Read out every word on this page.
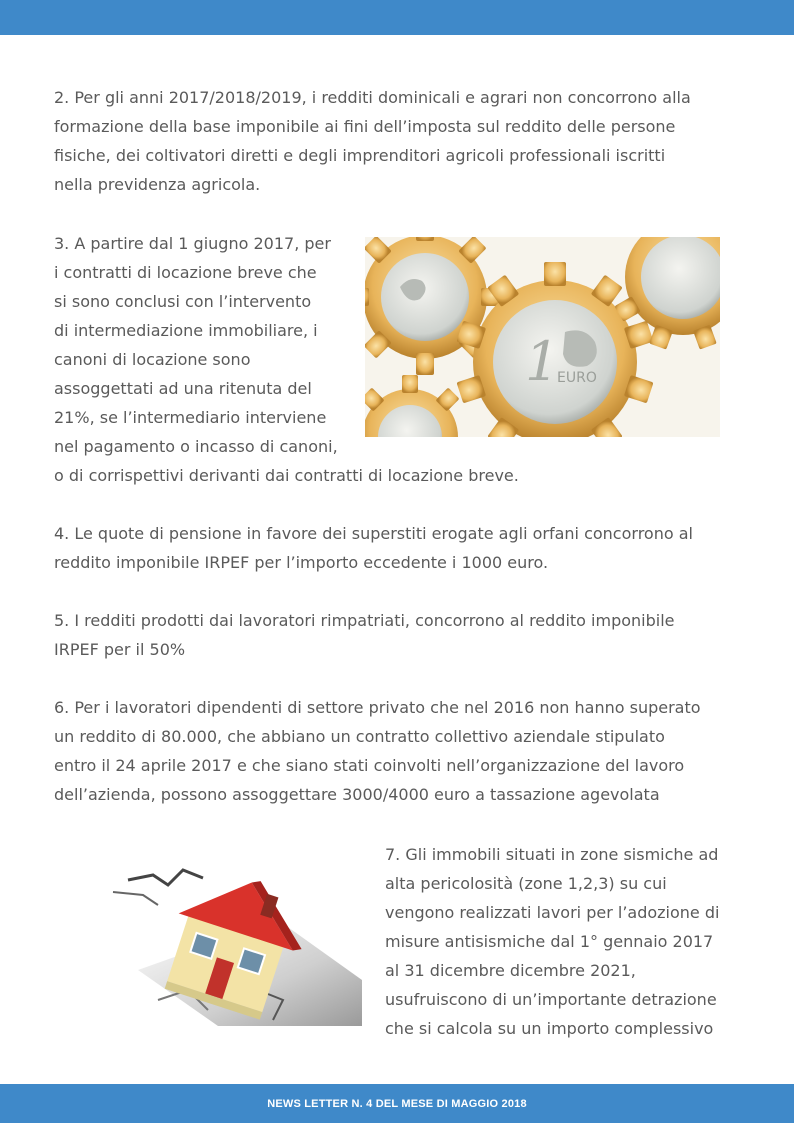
2. Per gli anni 2017/2018/2019, i redditi dominicali e agrari non concorrono alla
formazione della base imponibile ai fini dell’imposta sul reddito delle persone
fisiche, dei coltivatori diretti e degli imprenditori agricoli professionali iscritti
nella previdenza agricola.

3. A partire dal 1 giugno 2017, per
i contratti di locazione breve che
si sono conclusi con l’intervento
di intermediazione immobiliare, i
canoni di locazione sono
assoggettati ad una ritenuta del
21%, se l’intermediario interviene
nel pagamento o incasso di canoni,

1
EURO

o di corrispettivi derivanti dai contratti di locazione breve.

4. Le quote di pensione in favore dei superstiti erogate agli orfani concorrono al
reddito imponibile IRPEF per l’importo eccedente i 1000 euro.

5. I redditi prodotti dai lavoratori rimpatriati, concorrono al reddito imponibile
IRPEF per il 50%

6. Per i lavoratori dipendenti di settore privato che nel 2016 non hanno superato
un reddito di 80.000, che abbiano un contratto collettivo aziendale stipulato
entro il 24 aprile 2017 e che siano stati coinvolti nell’organizzazione del lavoro
dell’azienda, possono assoggettare 3000/4000 euro a tassazione agevolata

7. Gli immobili situati in zone sismiche ad
alta pericolosità (zone 1,2,3) su cui
vengono realizzati lavori per l’adozione di
misure antisismiche dal 1° gennaio 2017
al 31 dicembre dicembre 2021,
usufruiscono di un’importante detrazione
che si calcola su un importo complessivo

NEWS LETTER N. 4 DEL MESE DI MAGGIO 2018
